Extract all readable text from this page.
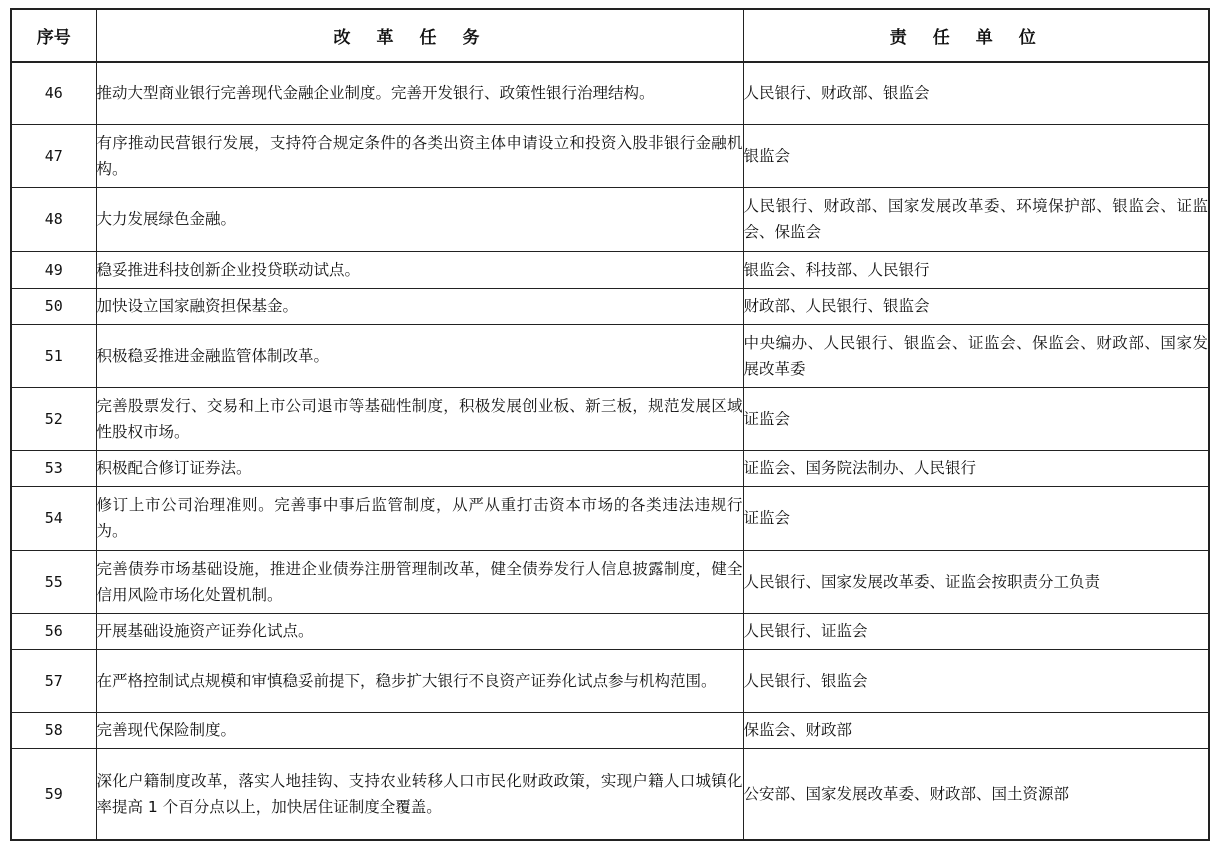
序号	改革任务	责任单位
46	推动大型商业银行完善现代金融企业制度。完善开发银行、政策性银行治理结构。	人民银行、财政部、银监会
47	有序推动民营银行发展，支持符合规定条件的各类出资主体申请设立和投资入股非银行金融机构。	银监会
48	大力发展绿色金融。	人民银行、财政部、国家发展改革委、环境保护部、银监会、证监会、保监会
49	稳妥推进科技创新企业投贷联动试点。	银监会、科技部、人民银行
50	加快设立国家融资担保基金。	财政部、人民银行、银监会
51	积极稳妥推进金融监管体制改革。	中央编办、人民银行、银监会、证监会、保监会、财政部、国家发展改革委
52	完善股票发行、交易和上市公司退市等基础性制度，积极发展创业板、新三板，规范发展区域性股权市场。	证监会
53	积极配合修订证券法。	证监会、国务院法制办、人民银行
54	修订上市公司治理准则。完善事中事后监管制度，从严从重打击资本市场的各类违法违规行为。	证监会
55	完善债券市场基础设施，推进企业债券注册管理制改革，健全债券发行人信息披露制度，健全信用风险市场化处置机制。	人民银行、国家发展改革委、证监会按职责分工负责
56	开展基础设施资产证券化试点。	人民银行、证监会
57	在严格控制试点规模和审慎稳妥前提下，稳步扩大银行不良资产证券化试点参与机构范围。	人民银行、银监会
58	完善现代保险制度。	保监会、财政部
59	深化户籍制度改革，落实人地挂钩、支持农业转移人口市民化财政政策，实现户籍人口城镇化率提高 1 个百分点以上，加快居住证制度全覆盖。	公安部、国家发展改革委、财政部、国土资源部
